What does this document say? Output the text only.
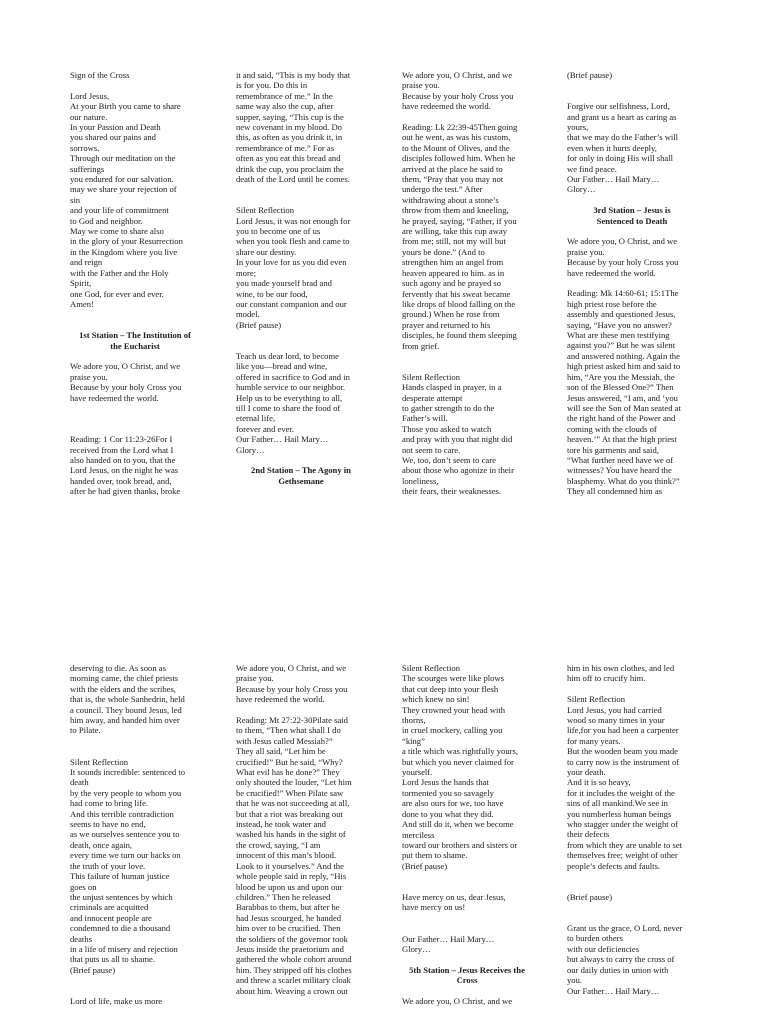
Sign of the Cross

Lord Jesus,

At your Birth you came to share

our nature.

In your Passion and Death

you shared our pains and

sorrows.

Through our meditation on the

sufferings

you endured for our salvation.

may we share your rejection of

sin

and your life of commitment

to God and neighbor.

May we come to share also

in the glory of your Resurrection

in the Kingdom where you live

and reign

with the Father and the Holy

Spirit,

one God, for ever and ever.

Amen!

1st Station – The Institution of

the Eucharist

We adore you, O Christ, and we

praise you.

Because by your holy Cross you

have redeemed the world.

Reading: 1 Cor 11:23-26For I

received from the Lord what I

also handed on to you, that the

Lord Jesus, on the night he was

handed over, took bread, and,

after he had given thanks, broke

it and said, “This is my body that

is for you. Do this in

remembrance of me.” In the

same way also the cup, after

supper, saying, “This cup is the

new covenant in my blood. Do

this, as often as you drink it, in

remembrance of me.” For as

often as you eat this bread and

drink the cup, you proclaim the

death of the Lord until he comes.

Silent Reflection

Lord Jesus, it was not enough for

you to become one of us

when you took flesh and came to

share our destiny.

In your love for us you did even

more;

you made yourself brad and

wine, to be our food,

our constant companion and our

model.

(Brief pause)

Teach us dear lord, to become

like you—bread and wine,

offered in sacrifice to God and in

humble service to our neighbor.

Help us to be everything to all,

till I come to share the food of

eternal life,

forever and ever.

Our Father… Hail Mary…

Glory…

2nd Station – The Agony in

Gethsemane

We adore you, O Christ, and we

praise you.

Because by your holy Cross you

have redeemed the world.

Reading: Lk 22:39-45Then going

out he went, as was his custom,

to the Mount of Olives, and the

disciples followed him. When he

arrived at the place he said to

them, “Pray that you may not

undergo the test.” After

withdrawing about a stone’s

throw from them and kneeling,

he prayed, saying, “Father, if you

are willing, take this cup away

from me; still, not my will but

yours be done.” (And to

strengthen him an angel from

heaven appeared to him. as in

such agony and he prayed so

fervently that his sweat became

like drops of blood falling on the

ground.) When he rose from

prayer and returned to his

disciples, he found them sleeping

from grief.

Silent Reflection

Hands clasped in prayer, in a

desperate attempt

to gather strength to do the

Father’s will.

Those you asked to watch

and pray with you that night did

not seem to care.

We, too, don’t seem to care

about those who agonize in their

loneliness,

their fears, their weaknesses.

(Brief pause)

Forgive our selfishness, Lord,

and grant us a heart as caring as

yours,

that we may do the Father’s will

even when it hurts deeply,

for only in doing His will shall

we find peace.

Our Father… Hail Mary…

Glory…

3rd Station – Jesus is

Sentenced to Death

We adore you, O Christ, and we

praise you.

Because by your holy Cross you

have redeemed the world.

Reading: Mk 14:60-61; 15:1The

high priest rose before the

assembly and questioned Jesus,

saying, “Have you no answer?

What are these men testifying

against you?” But he was silent

and answered nothing. Again the

high priest asked him and said to

him, “Are you the Messiah, the

son of the Blessed One?” Then

Jesus answered, “I am, and ‘you

will see the Son of Man seated at

the right hand of the Power and

coming with the clouds of

heaven.’” At that the high priest

tore his garments and said,

“What further need have we of

witnesses? You have heard the

blasphemy. What do you think?”

They all condemned him as

deserving to die. As soon as

morning came, the chief priests

with the elders and the scribes,

that is, the whole Sanhedrin, held

a council. They bound Jesus, led

him away, and handed him over

to Pilate.

Silent Reflection

It sounds incredible: sentenced to

death

by the very people to whom you

had come to bring life.

And this terrible contradiction

seems to have no end,

as we ourselves sentence you to

death, once again,

every time we turn our backs on

the truth of your love.

This failure of human justice

goes on

the unjust sentences by which

criminals are acquitted

and innocent people are

condemned to die a thousand

deaths

in a life of misery and rejection

that puts us all to shame.

(Brief pause)

Lord of life, make us more

We adore you, O Christ, and we

praise you.

Because by your holy Cross you

have redeemed the world.

Reading: Mt 27:22-30Pilate said

to them, “Then what shall I do

with Jesus called Messiah?”

They all said, “Let him be

crucified!” But he said, “Why?

What evil has he done?” They

only shouted the louder, “Let him

be crucified!” When Pilate saw

that he was not succeeding at all,

but that a riot was breaking out

instead, he took water and

washed his hands in the sight of

the crowd, saying, “I am

innocent of this man’s blood.

Look to it yourselves.” And the

whole people said in reply, “His

blood be upon us and upon our

children.” Then he released

Barabbas to them, but after he

had Jesus scourged, he handed

him over to be crucified. Then

the soldiers of the governor took

Jesus inside the praetorium and

gathered the whole cohort around

him. They stripped off his clothes

and threw a scarlet military cloak

about him. Weaving a crown out

Silent Reflection

The scourges were like plows

that cut deep into your flesh

which knew no sin!

They crowned your head with

thorns,

in cruel mockery, calling you

“king”

a title which was rightfully yours,

but which you never claimed for

yourself.

Lord Jesus the hands that

tormented you so savagely

are also ours for we, too have

done to you what they did.

And still do it, when we become

merciless

toward our brothers and sisters or

put them to shame.

(Brief pause)

Have mercy on us, dear Jesus,

have mercy on us!

Our Father… Hail Mary…

Glory…

5th Station – Jesus Receives the

Cross

We adore you, O Christ, and we

him in his own clothes, and led

him off to crucify him.

Silent Reflection

Lord Jesus, you had carried

wood so many times in your

life,for you had been a carpenter

for many years.

But the wooden beam you made

to carry now is the instrument of

your death.

And it is so heavy,

for it includes the weight of the

sins of all mankind.We see in

you numberless human beings

who stagger under the weight of

their defects

from which they are unable to set

themselves free; weight of other

people’s defects and faults.

(Brief pause)

Grant us the grace, O Lord, never

to burden others

with our deficiencies

but always to carry the cross of

our daily duties in union with

you.

Our Father… Hail Mary…
